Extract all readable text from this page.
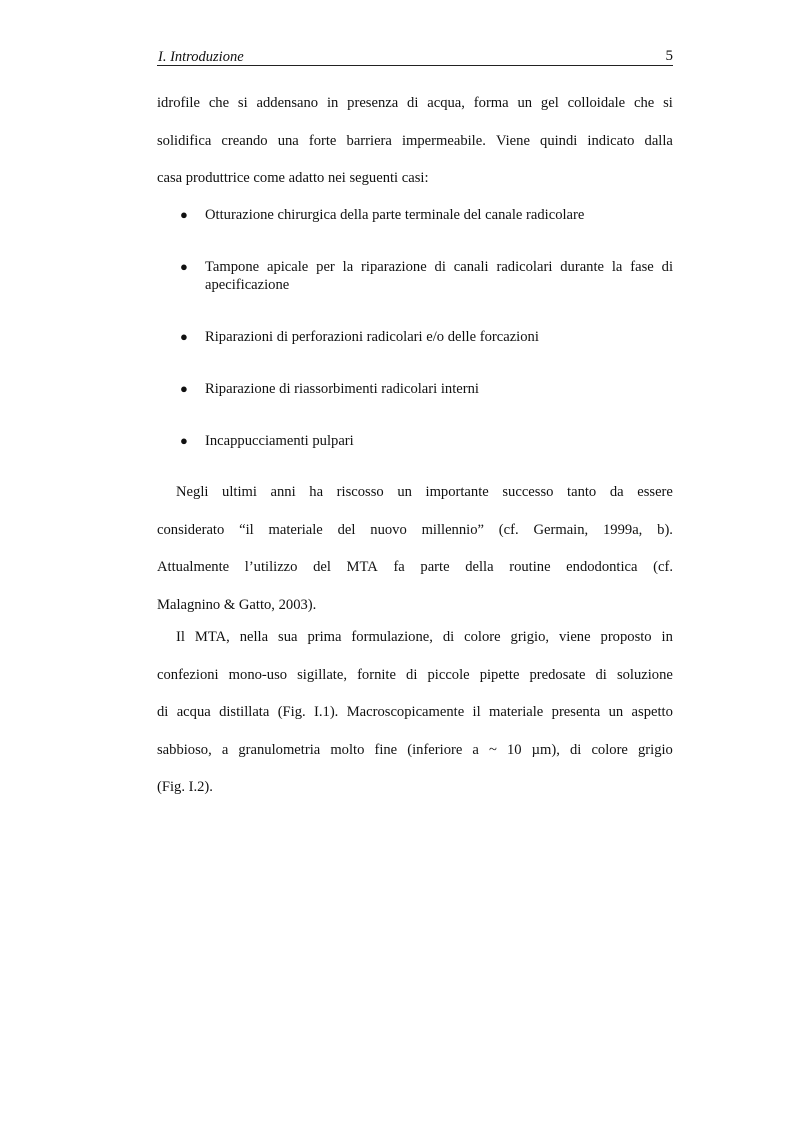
I. Introduzione	5
idrofile che si addensano in presenza di acqua, forma un gel colloidale che si
solidifica creando una forte barriera impermeabile. Viene quindi indicato dalla
casa produttrice come adatto nei seguenti casi:
● Otturazione chirurgica della parte terminale del canale radicolare
● Tampone apicale per la riparazione di canali radicolari durante la fase di apecificazione
● Riparazioni di perforazioni radicolari e/o delle forcazioni
● Riparazione di riassorbimenti radicolari interni
● Incappucciamenti pulpari
Negli ultimi anni ha riscosso un importante successo tanto da essere
considerato “il materiale del nuovo millennio” (cf. Germain, 1999a, b).
Attualmente l’utilizzo del MTA fa parte della routine endodontica (cf.
Malagnino & Gatto, 2003).
Il MTA, nella sua prima formulazione, di colore grigio, viene proposto in
confezioni mono-uso sigillate, fornite di piccole pipette predosate di soluzione
di acqua distillata (Fig. I.1). Macroscopicamente il materiale presenta un aspetto
sabbioso, a granulometria molto fine (inferiore a ~ 10 µm), di colore grigio
(Fig. I.2).
